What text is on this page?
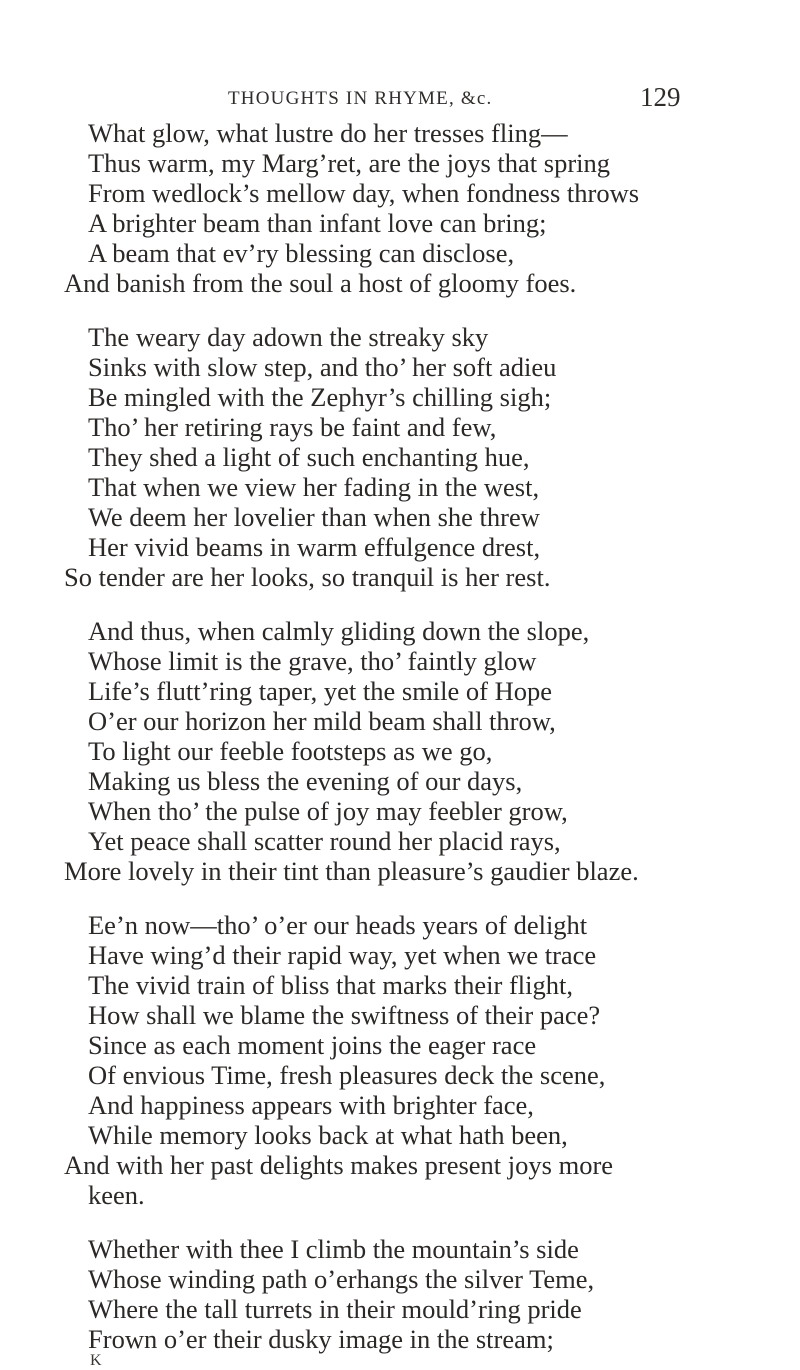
THOUGHTS IN RHYME, &c.	129
What glow, what lustre do her tresses fling—
Thus warm, my Marg’ret, are the joys that spring
From wedlock’s mellow day, when fondness throws
A brighter beam than infant love can bring;
A beam that ev’ry blessing can disclose,
And banish from the soul a host of gloomy foes.
The weary day adown the streaky sky
Sinks with slow step, and tho’ her soft adieu
Be mingled with the Zephyr’s chilling sigh;
Tho’ her retiring rays be faint and few,
They shed a light of such enchanting hue,
That when we view her fading in the west,
We deem her lovelier than when she threw
Her vivid beams in warm effulgence drest,
So tender are her looks, so tranquil is her rest.
And thus, when calmly gliding down the slope,
Whose limit is the grave, tho’ faintly glow
Life’s flutt’ring taper, yet the smile of Hope
O’er our horizon her mild beam shall throw,
To light our feeble footsteps as we go,
Making us bless the evening of our days,
When tho’ the pulse of joy may feebler grow,
Yet peace shall scatter round her placid rays,
More lovely in their tint than pleasure’s gaudier blaze.
Ee’n now—tho’ o’er our heads years of delight
Have wing’d their rapid way, yet when we trace
The vivid train of bliss that marks their flight,
How shall we blame the swiftness of their pace?
Since as each moment joins the eager race
Of envious Time, fresh pleasures deck the scene,
And happiness appears with brighter face,
While memory looks back at what hath been,
And with her past delights makes present joys more
keen.
Whether with thee I climb the mountain’s side
Whose winding path o’erhangs the silver Teme,
Where the tall turrets in their mould’ring pride
Frown o’er their dusky image in the stream;
K
